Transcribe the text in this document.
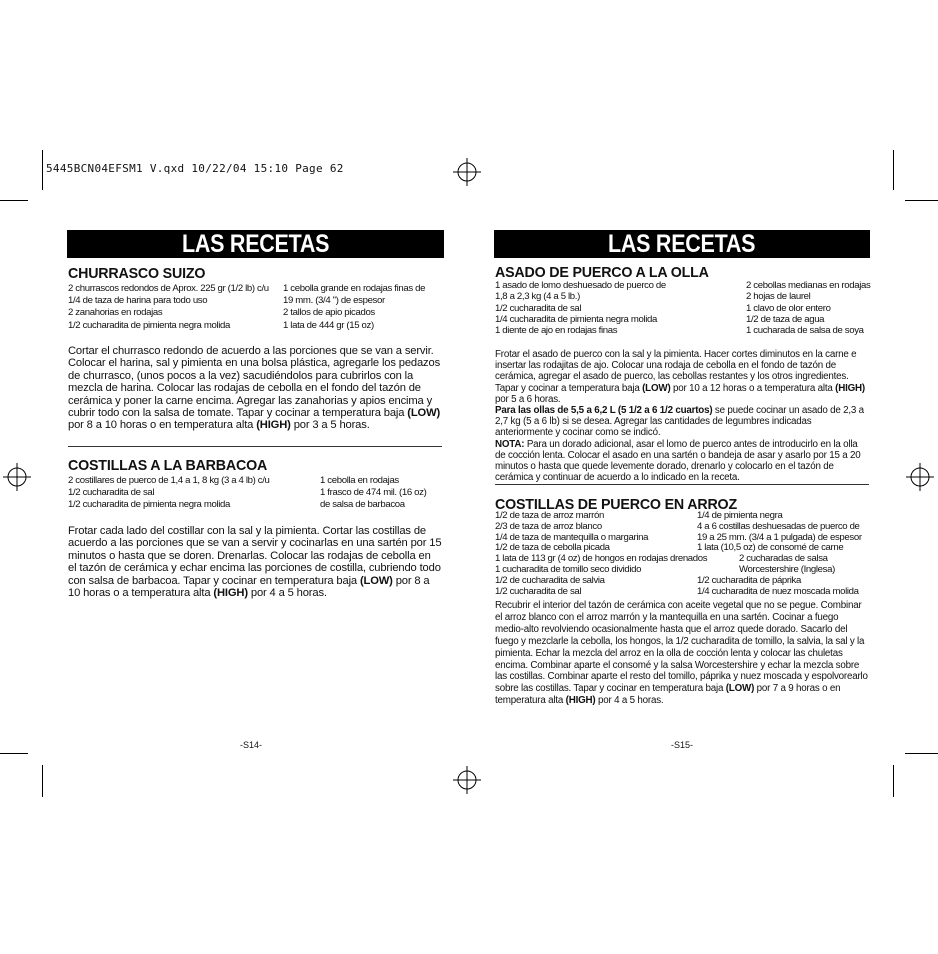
5445BCN04EFSM1 V.qxd 10/22/04 15:10 Page 62
LAS RECETAS
CHURRASCO SUIZO
2 churrascos redondos de Aprox. 225 gr (1/2 lb) c/u
1/4 de taza de harina para todo uso
2 zanahorias en rodajas
1/2 cucharadita de pimienta negra molida
1 cebolla grande en rodajas finas de
19 mm. (3/4 ") de espesor
2 tallos de apio picados
1 lata de 444 gr (15 oz)
Cortar el churrasco redondo de acuerdo a las porciones que se van a servir. Colocar el harina, sal y pimienta en una bolsa plástica, agregarle los pedazos de churrasco, (unos pocos a la vez) sacudiéndolos para cubrirlos con la mezcla de harina. Colocar las rodajas de cebolla en el fondo del tazón de cerámica y poner la carne encima. Agregar las zanahorias y apios encima y cubrir todo con la salsa de tomate. Tapar y cocinar a temperatura baja (LOW) por 8 a 10 horas o en temperatura alta (HIGH) por 3 a 5 horas.
COSTILLAS A LA BARBACOA
2 costillares de puerco de 1,4 a 1, 8 kg (3 a 4 lb) c/u
1/2 cucharadita de sal
1/2 cucharadita de pimienta negra molida
1 cebolla en rodajas
1 frasco de 474 mil. (16 oz)
de salsa de barbacoa
Frotar cada lado del costillar con la sal y la pimienta. Cortar las costillas de acuerdo a las porciones que se van a servir y cocinarlas en una sartén por 15 minutos o hasta que se doren. Drenarlas. Colocar las rodajas de cebolla en el tazón de cerámica y echar encima las porciones de costilla, cubriendo todo con salsa de barbacoa. Tapar y cocinar en temperatura baja (LOW) por 8 a 10 horas o a temperatura alta (HIGH) por 4 a 5 horas.
-S14-
LAS RECETAS
ASADO DE PUERCO A LA OLLA
1 asado de lomo deshuesado de puerco de
1,8 a 2,3 kg (4 a 5 lb.)
1/2 cucharadita de sal
1/4 cucharadita de pimienta negra molida
1 diente de ajo en rodajas finas
2 cebollas medianas en rodajas
2 hojas de laurel
1 clavo de olor entero
1/2 de taza de agua
1 cucharada de salsa de soya
Frotar el asado de puerco con la sal y la pimienta. Hacer cortes diminutos en la carne e insertar las rodajitas de ajo. Colocar una rodaja de cebolla en el fondo de tazón de cerámica, agregar el asado de puerco, las cebollas restantes y los otros ingredientes. Tapar y cocinar a temperatura baja (LOW) por 10 a 12 horas o a temperatura alta (HIGH) por 5 a 6 horas.
Para las ollas de 5,5 a 6,2 L (5 1/2 a 6 1/2 cuartos) se puede cocinar un asado de 2,3 a 2,7 kg (5 a 6 lb) si se desea. Agregar las cantidades de legumbres indicadas anteriormente y cocinar como se indicó.
NOTA: Para un dorado adicional, asar el lomo de puerco antes de introducirlo en la olla de cocción lenta. Colocar el asado en una sartén o bandeja de asar y asarlo por 15 a 20 minutos o hasta que quede levemente dorado, drenarlo y colocarlo en el tazón de cerámica y continuar de acuerdo a lo indicado en la receta.
COSTILLAS DE PUERCO EN ARROZ
1/2 de taza de arroz marrón
2/3 de taza de arroz blanco
1/4 de taza de mantequilla o margarina
1/2 de taza de cebolla picada
1 lata de 113 gr (4 oz) de hongos en rodajas drenados
1 cucharadita de tomillo seco dividido
1/2 de cucharadita de salvia
1/2 cucharadita de sal
1/4 de pimienta negra
4 a 6 costillas deshuesadas de puerco de
19 a 25 mm. (3/4 a 1 pulgada) de espesor
1 lata (10,5 oz) de consomé de carne
2 cucharadas de salsa
Worcestershire (Inglesa)
1/2 cucharadita de páprika
1/4 cucharadita de nuez moscada molida
Recubrir el interior del tazón de cerámica con aceite vegetal que no se pegue. Combinar el arroz blanco con el arroz marrón y la mantequilla en una sartén. Cocinar a fuego medio-alto revolviendo ocasionalmente hasta que el arroz quede dorado. Sacarlo del fuego y mezclarle la cebolla, los hongos, la 1/2 cucharadita de tomillo, la salvia, la sal y la pimienta. Echar la mezcla del arroz en la olla de cocción lenta y colocar las chuletas encima. Combinar aparte el consomé y la salsa Worcestershire y echar la mezcla sobre las costillas. Combinar aparte el resto del tomillo, páprika y nuez moscada y espolvorearlo sobre las costillas. Tapar y cocinar en temperatura baja (LOW) por 7 a 9 horas o en temperatura alta (HIGH) por 4 a 5 horas.
-S15-
